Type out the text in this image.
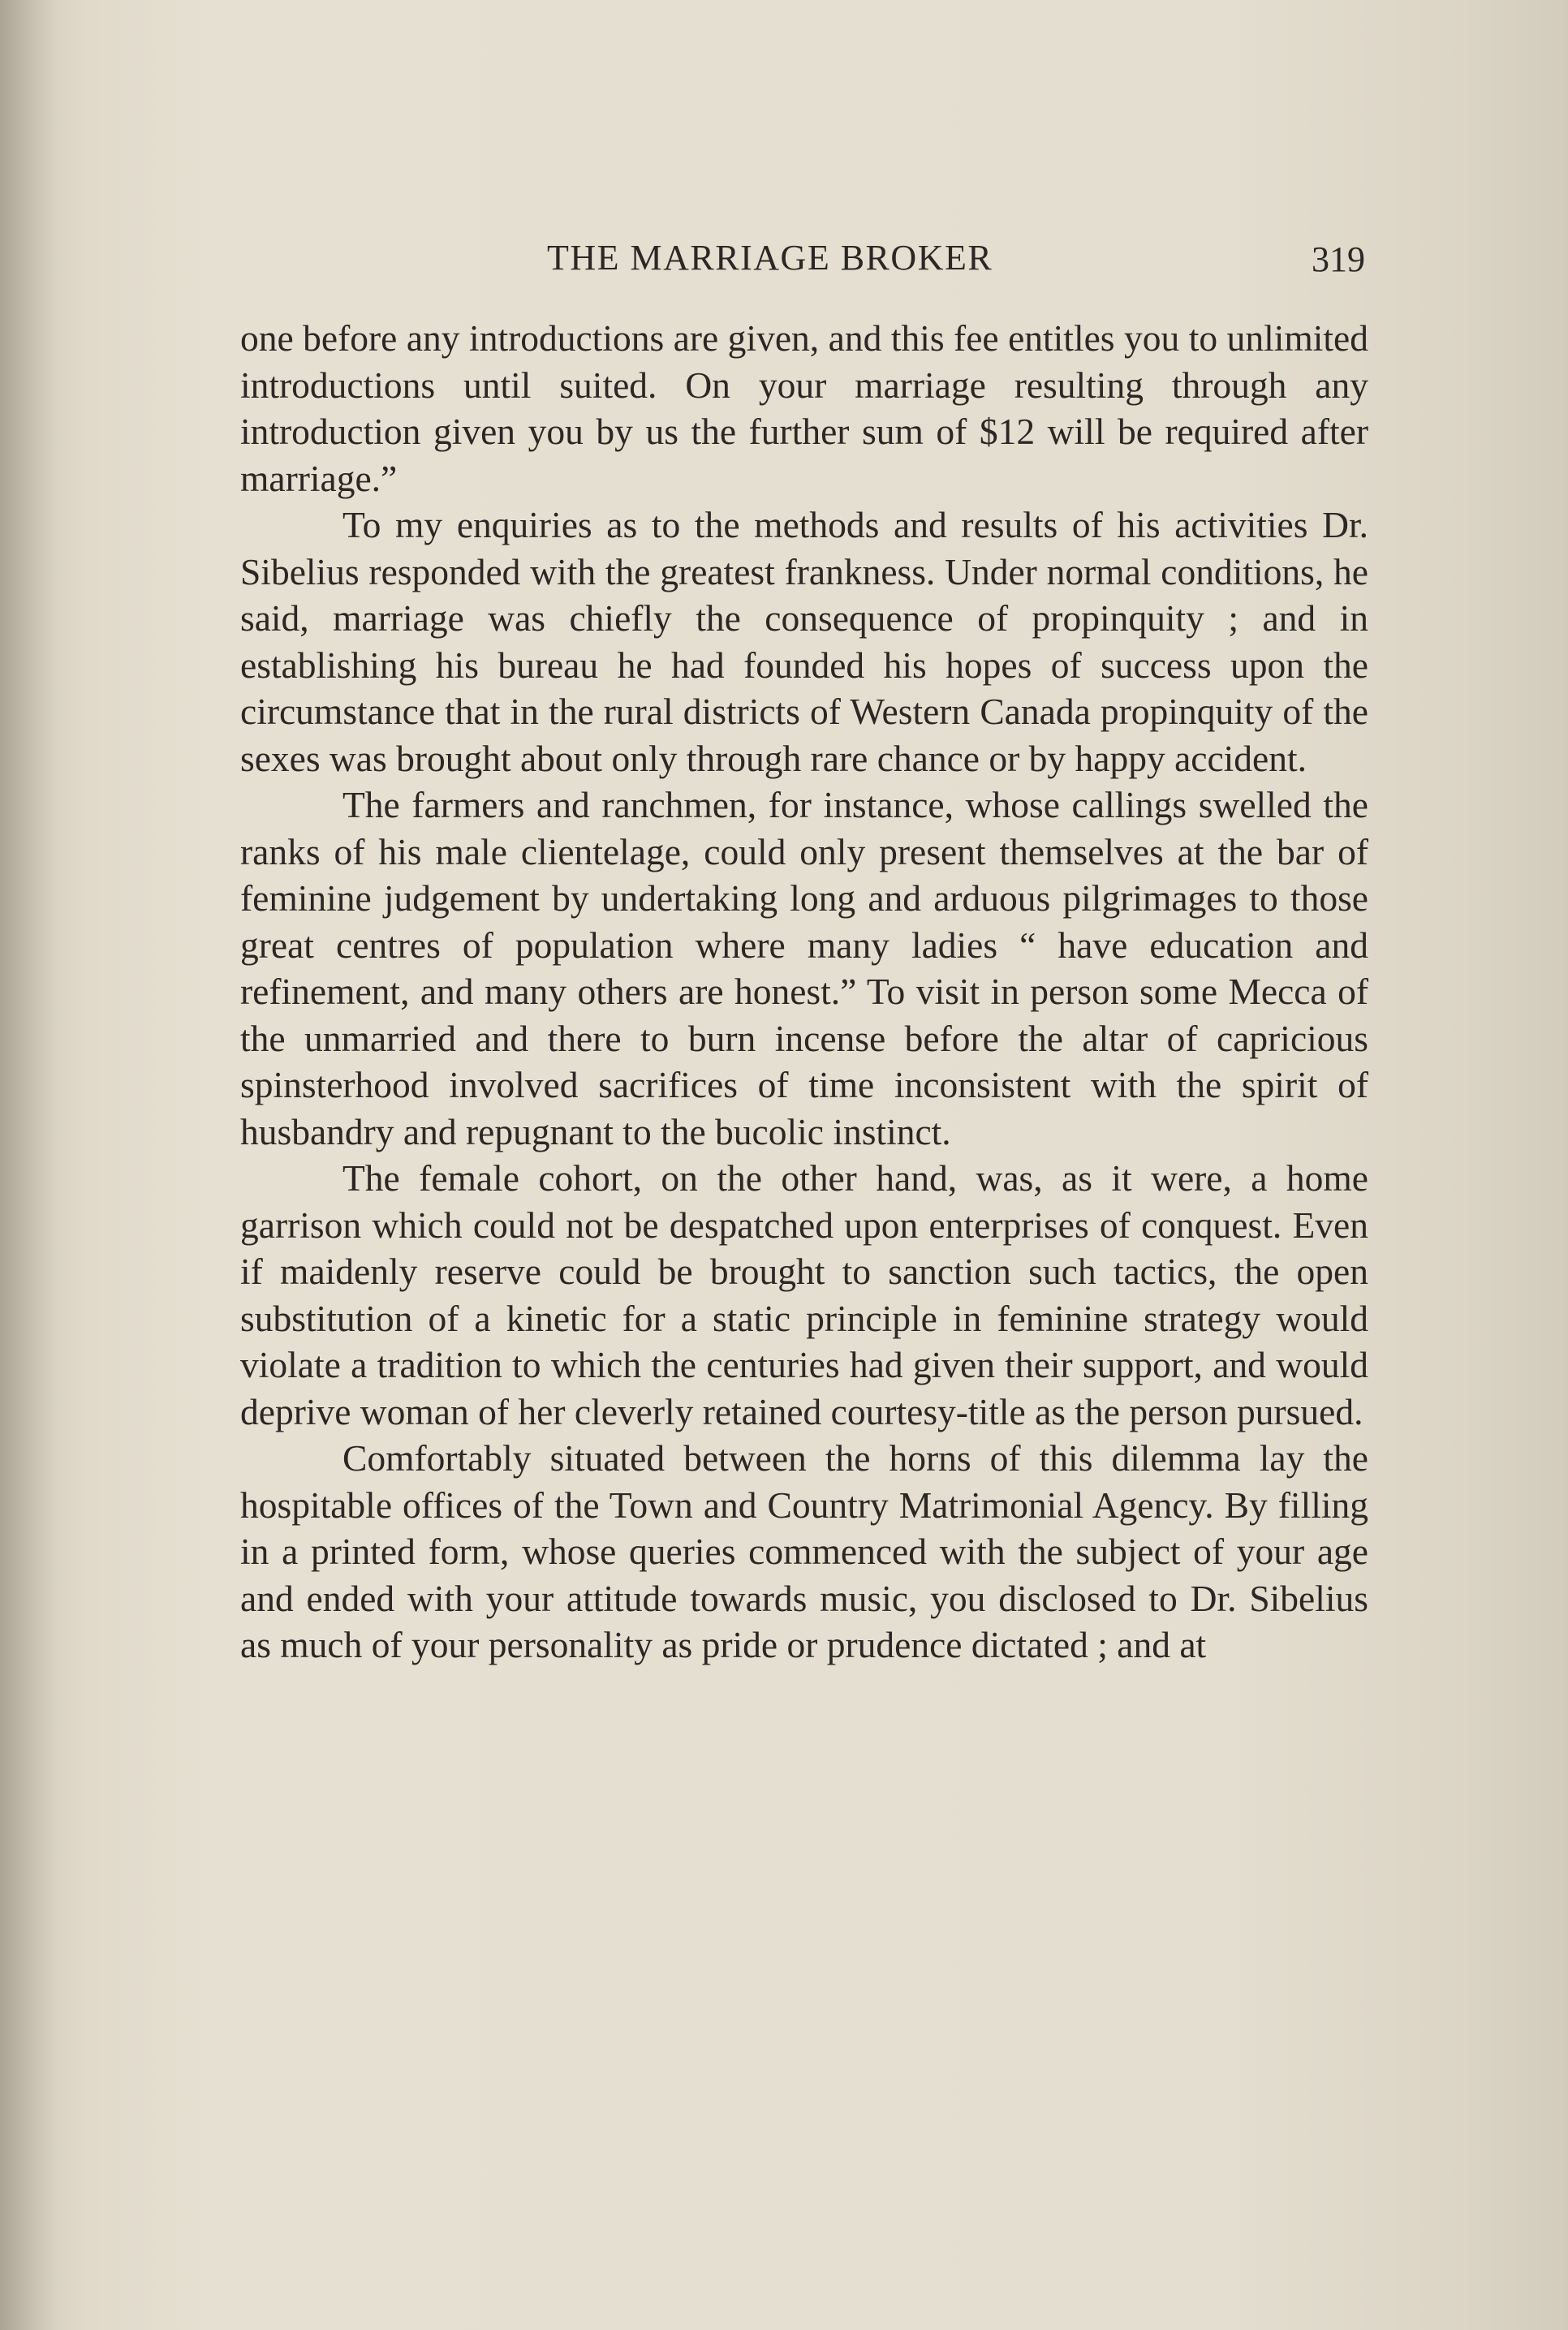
THE MARRIAGE BROKER	319

one before any introductions are given, and this fee entitles you to unlimited introductions until suited. On your marriage resulting through any introduction given you by us the further sum of $12 will be required after marriage.”

To my enquiries as to the methods and results of his activities Dr. Sibelius responded with the greatest frankness. Under normal conditions, he said, marriage was chiefly the consequence of propinquity ; and in establishing his bureau he had founded his hopes of success upon the circumstance that in the rural districts of Western Canada propinquity of the sexes was brought about only through rare chance or by happy accident.

The farmers and ranchmen, for instance, whose callings swelled the ranks of his male clientelage, could only present themselves at the bar of feminine judgement by undertaking long and arduous pilgrimages to those great centres of population where many ladies “ have education and refinement, and many others are honest.” To visit in person some Mecca of the unmarried and there to burn incense before the altar of capricious spinsterhood involved sacrifices of time inconsistent with the spirit of husbandry and repugnant to the bucolic instinct.

The female cohort, on the other hand, was, as it were, a home garrison which could not be despatched upon enterprises of conquest. Even if maidenly reserve could be brought to sanction such tactics, the open substitution of a kinetic for a static principle in feminine strategy would violate a tradition to which the centuries had given their support, and would deprive woman of her cleverly retained courtesy-title as the person pursued.

Comfortably situated between the horns of this dilemma lay the hospitable offices of the Town and Country Matrimonial Agency. By filling in a printed form, whose queries commenced with the subject of your age and ended with your attitude towards music, you disclosed to Dr. Sibelius as much of your personality as pride or prudence dictated ; and at
